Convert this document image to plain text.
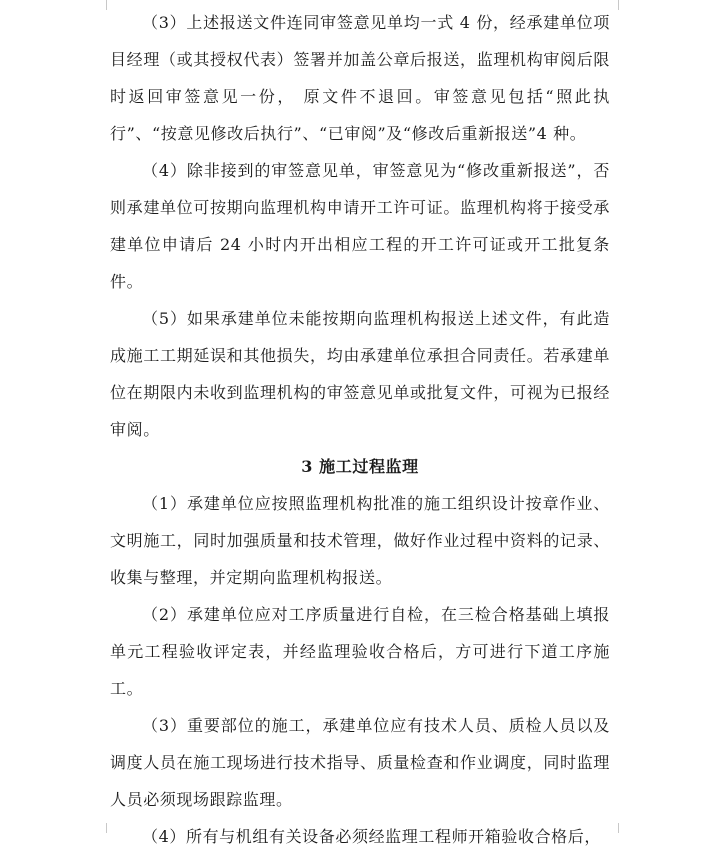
（3）上述报送文件连同审签意见单均一式 4 份，经承建单位项目经理（或其授权代表）签署并加盖公章后报送，监理机构审阅后限时返回审签意见一份， 原文件不退回。审签意见包括“照此执行”、“按意见修改后执行”、“已审阅”及“修改后重新报送”4 种。

（4）除非接到的审签意见单，审签意见为“修改重新报送”，否则承建单位可按期向监理机构申请开工许可证。监理机构将于接受承建单位申请后 24 小时内开出相应工程的开工许可证或开工批复条件。

（5）如果承建单位未能按期向监理机构报送上述文件，有此造成施工工期延误和其他损失，均由承建单位承担合同责任。若承建单位在期限内未收到监理机构的审签意见单或批复文件，可视为已报经审阅。

3 施工过程监理

（1）承建单位应按照监理机构批准的施工组织设计按章作业、文明施工，同时加强质量和技术管理，做好作业过程中资料的记录、收集与整理，并定期向监理机构报送。

（2）承建单位应对工序质量进行自检，在三检合格基础上填报单元工程验收评定表，并经监理验收合格后，方可进行下道工序施工。

（3）重要部位的施工，承建单位应有技术人员、质检人员以及调度人员在施工现场进行技术指导、质量检查和作业调度，同时监理人员必须现场跟踪监理。

（4）所有与机组有关设备必须经监理工程师开箱验收合格后，
